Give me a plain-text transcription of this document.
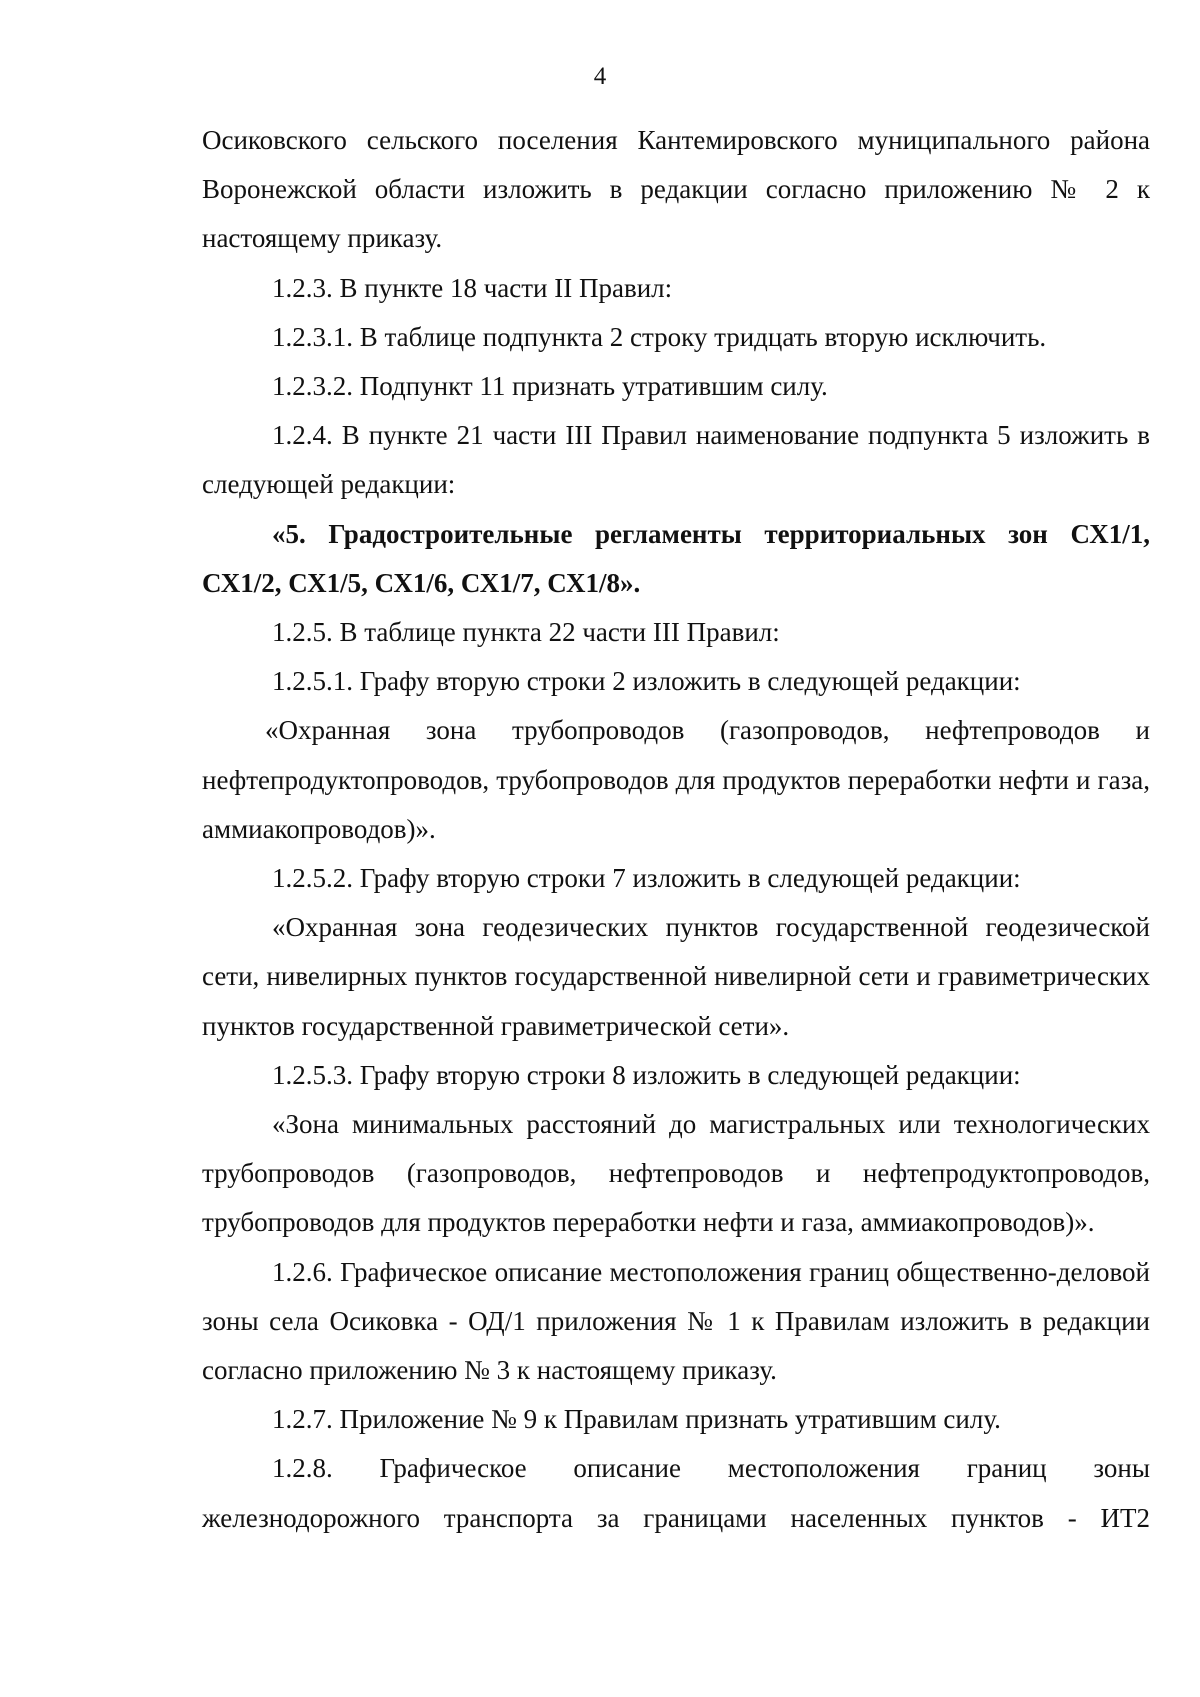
4

Осиковского сельского поселения Кантемировского муниципального района Воронежской области изложить в редакции согласно приложению № 2 к настоящему приказу.

1.2.3. В пункте 18 части II Правил:

1.2.3.1. В таблице подпункта 2 строку тридцать вторую исключить.

1.2.3.2. Подпункт 11 признать утратившим силу.

1.2.4. В пункте 21 части III Правил наименование подпункта 5 изложить в следующей редакции:

«5. Градостроительные регламенты территориальных зон СХ1/1, СХ1/2, СХ1/5, СХ1/6, СХ1/7, СХ1/8».

1.2.5. В таблице пункта 22 части III Правил:

1.2.5.1. Графу вторую строки 2 изложить в следующей редакции:

«Охранная зона трубопроводов (газопроводов, нефтепроводов и нефтепродуктопроводов, трубопроводов для продуктов переработки нефти и газа, аммиакопроводов)».

1.2.5.2. Графу вторую строки 7 изложить в следующей редакции:

«Охранная зона геодезических пунктов государственной геодезической сети, нивелирных пунктов государственной нивелирной сети и гравиметрических пунктов государственной гравиметрической сети».

1.2.5.3. Графу вторую строки 8 изложить в следующей редакции:

«Зона минимальных расстояний до магистральных или технологических трубопроводов (газопроводов, нефтепроводов и нефтепродуктопроводов, трубопроводов для продуктов переработки нефти и газа, аммиакопроводов)».

1.2.6. Графическое описание местоположения границ общественно-деловой зоны села Осиковка - ОД/1 приложения № 1 к Правилам изложить в редакции согласно приложению № 3 к настоящему приказу.

1.2.7. Приложение № 9 к Правилам признать утратившим силу.

1.2.8. Графическое описание местоположения границ зоны железнодорожного транспорта за границами населенных пунктов - ИТ2
